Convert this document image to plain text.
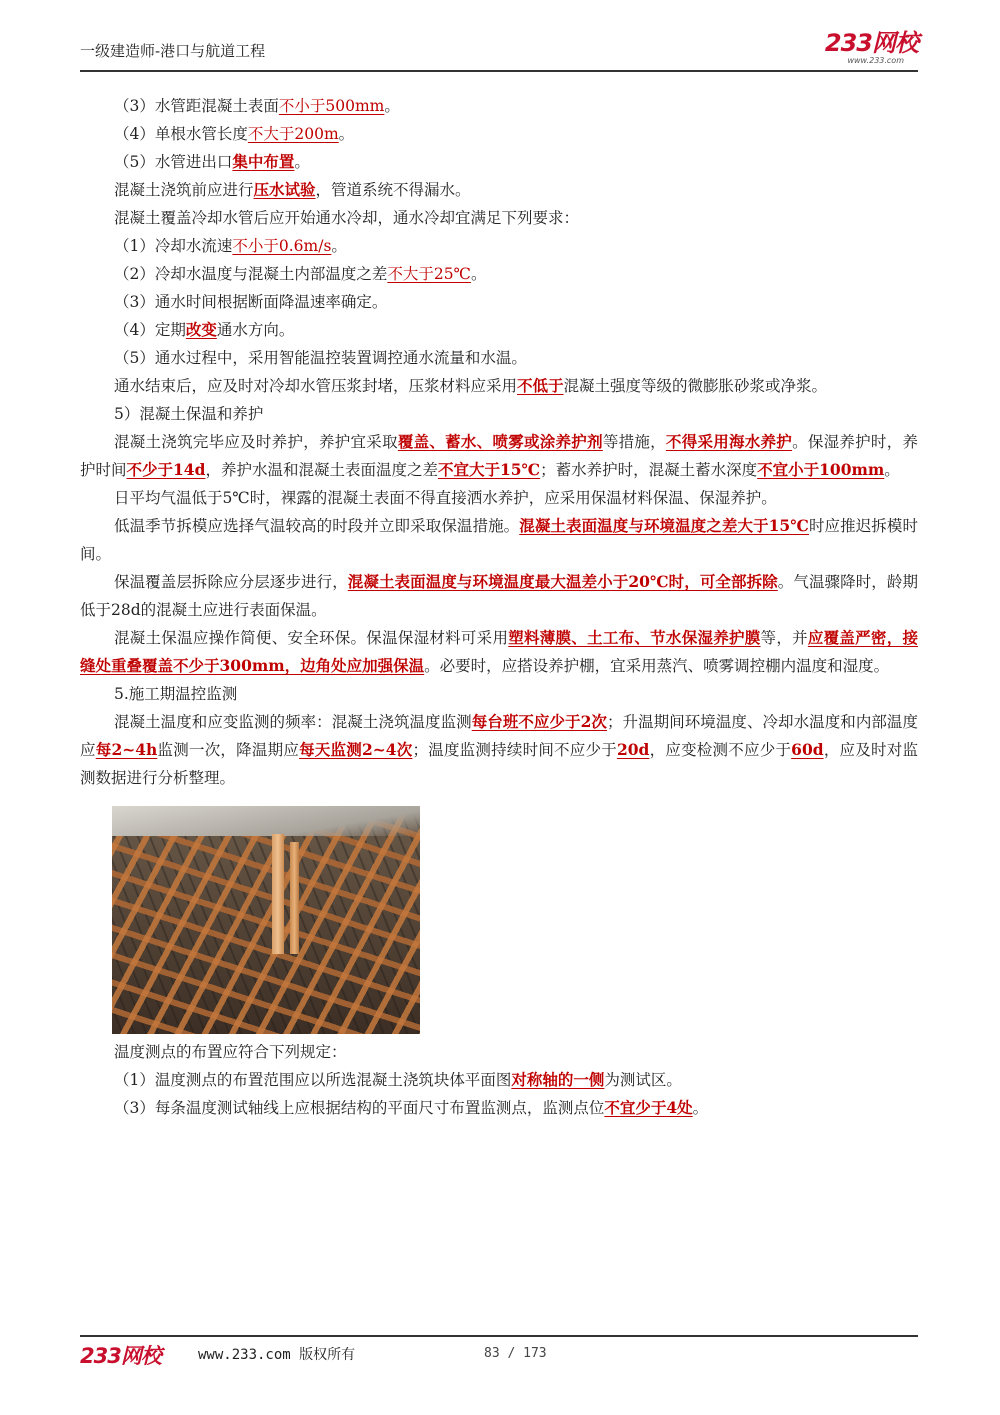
一级建造师-港口与航道工程	233网校
www.233.com

（3）水管距混凝土表面不小于500mm。

（4）单根水管长度不大于200m。

（5）水管进出口集中布置。

混凝土浇筑前应进行压水试验，管道系统不得漏水。

混凝土覆盖冷却水管后应开始通水冷却，通水冷却宜满足下列要求：

（1）冷却水流速不小于0.6m/s。

（2）冷却水温度与混凝土内部温度之差不大于25℃。

（3）通水时间根据断面降温速率确定。

（4）定期改变通水方向。

（5）通水过程中，采用智能温控装置调控通水流量和水温。

通水结束后，应及时对冷却水管压浆封堵，压浆材料应采用不低于混凝土强度等级的微膨胀砂浆或净浆。

5）混凝土保温和养护

混凝土浇筑完毕应及时养护，养护宜采取覆盖、蓄水、喷雾或涂养护剂等措施，不得采用海水养护。保湿养护时，养护时间不少于14d，养护水温和混凝土表面温度之差不宜大于15℃；蓄水养护时，混凝土蓄水深度不宜小于100mm。

日平均气温低于5℃时，裸露的混凝土表面不得直接洒水养护，应采用保温材料保温、保湿养护。

低温季节拆模应选择气温较高的时段并立即采取保温措施。混凝土表面温度与环境温度之差大于15℃时应推迟拆模时间。

保温覆盖层拆除应分层逐步进行，混凝土表面温度与环境温度最大温差小于20℃时，可全部拆除。气温骤降时，龄期低于28d的混凝土应进行表面保温。

混凝土保温应操作简便、安全环保。保温保湿材料可采用塑料薄膜、土工布、节水保湿养护膜等，并应覆盖严密，接缝处重叠覆盖不少于300mm，边角处应加强保温。必要时，应搭设养护棚，宜采用蒸汽、喷雾调控棚内温度和湿度。

5.施工期温控监测

混凝土温度和应变监测的频率：混凝土浇筑温度监测每台班不应少于2次；升温期间环境温度、冷却水温度和内部温度应每2~4h监测一次，降温期应每天监测2~4次；温度监测持续时间不应少于20d，应变检测不应少于60d，应及时对监测数据进行分析整理。

温度测点的布置应符合下列规定：

（1）温度测点的布置范围应以所选混凝土浇筑块体平面图对称轴的一侧为测试区。

（3）每条温度测试轴线上应根据结构的平面尺寸布置监测点，监测点位不宜少于4处。

233网校	www.233.com 版权所有	83 / 173
